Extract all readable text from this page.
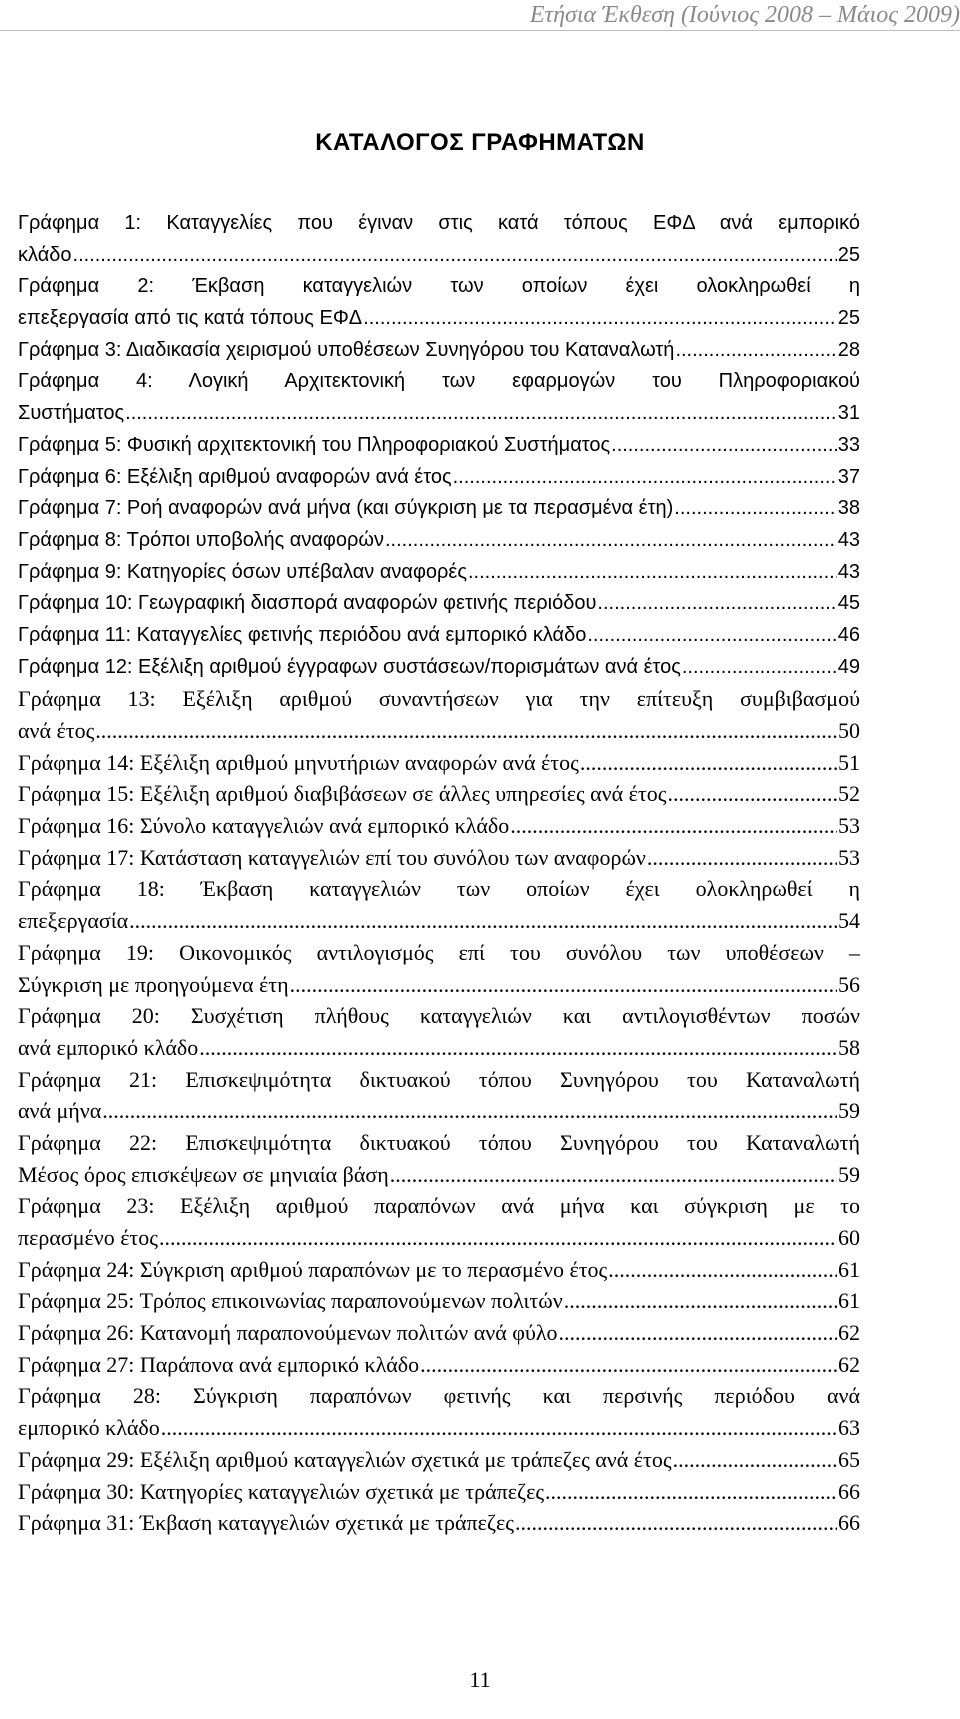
Ετήσια Έκθεση (Ιούνιος 2008 – Μάιος 2009)
ΚΑΤΑΛΟΓΟΣ ΓΡΑΦΗΜΑΤΩΝ
Γράφημα 1: Καταγγελίες που έγιναν στις κατά τόπους ΕΦΔ ανά εμπορικό
κλάδο .....	25
Γράφημα 2: Έκβαση καταγγελιών των οποίων έχει ολοκληρωθεί η
επεξεργασία από τις κατά τόπους ΕΦΔ .....	25
Γράφημα 3: Διαδικασία χειρισμού υποθέσεων Συνηγόρου του Καταναλωτή .....	28
Γράφημα 4: Λογική Αρχιτεκτονική των εφαρμογών του Πληροφοριακού
Συστήματος .....	31
Γράφημα 5: Φυσική αρχιτεκτονική του Πληροφοριακού Συστήματος .....	33
Γράφημα 6: Εξέλιξη αριθμού αναφορών ανά έτος .....	37
Γράφημα 7: Ροή αναφορών ανά μήνα (και σύγκριση με τα περασμένα έτη) .....	38
Γράφημα 8: Τρόποι υποβολής αναφορών .....	43
Γράφημα 9: Κατηγορίες όσων υπέβαλαν αναφορές .....	43
Γράφημα 10: Γεωγραφική διασπορά αναφορών φετινής περιόδου .....	45
Γράφημα 11: Καταγγελίες φετινής περιόδου ανά εμπορικό κλάδο .....	46
Γράφημα 12: Εξέλιξη αριθμού έγγραφων συστάσεων/πορισμάτων ανά έτος .....	49
Γράφημα 13: Εξέλιξη αριθμού συναντήσεων για την επίτευξη συμβιβασμού
ανά έτος .....	50
Γράφημα 14: Εξέλιξη αριθμού μηνυτήριων αναφορών ανά έτος .....	51
Γράφημα 15: Εξέλιξη αριθμού διαβιβάσεων σε άλλες υπηρεσίες ανά έτος .....	52
Γράφημα 16: Σύνολο καταγγελιών ανά εμπορικό κλάδο .....	53
Γράφημα 17: Κατάσταση καταγγελιών επί του συνόλου των αναφορών .....	53
Γράφημα 18: Έκβαση καταγγελιών των οποίων έχει ολοκληρωθεί η
επεξεργασία .....	54
Γράφημα 19: Οικονομικός αντιλογισμός επί του συνόλου των υποθέσεων –
Σύγκριση με προηγούμενα έτη .....	56
Γράφημα 20: Συσχέτιση πλήθους καταγγελιών και αντιλογισθέντων ποσών
ανά εμπορικό κλάδο .....	58
Γράφημα 21: Επισκεψιμότητα δικτυακού τόπου Συνηγόρου του Καταναλωτή
ανά μήνα .....	59
Γράφημα 22: Επισκεψιμότητα δικτυακού τόπου Συνηγόρου του Καταναλωτή
Μέσος όρος επισκέψεων σε μηνιαία βάση .....	59
Γράφημα 23: Εξέλιξη αριθμού παραπόνων ανά μήνα και σύγκριση με το
περασμένο έτος .....	60
Γράφημα 24: Σύγκριση αριθμού παραπόνων με το περασμένο έτος .....	61
Γράφημα 25: Τρόπος επικοινωνίας παραπονούμενων πολιτών .....	61
Γράφημα 26: Κατανομή παραπονούμενων πολιτών ανά φύλο .....	62
Γράφημα 27: Παράπονα ανά εμπορικό κλάδο .....	62
Γράφημα 28: Σύγκριση παραπόνων φετινής και περσινής περιόδου ανά
εμπορικό κλάδο .....	63
Γράφημα 29: Εξέλιξη αριθμού καταγγελιών σχετικά με τράπεζες ανά έτος .....	65
Γράφημα 30: Κατηγορίες καταγγελιών σχετικά με τράπεζες .....	66
Γράφημα 31: Έκβαση καταγγελιών σχετικά με τράπεζες .....	66
11
